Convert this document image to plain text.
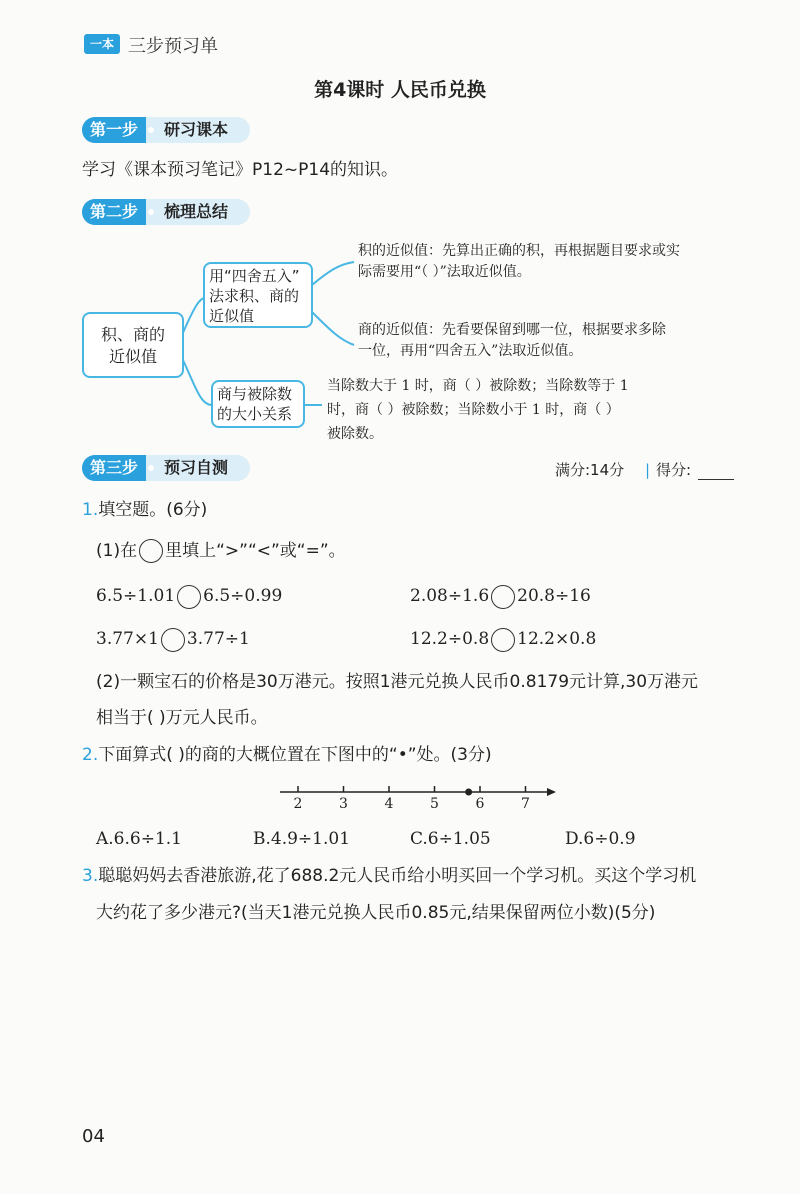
一本 三步预习单
第4课时 人民币兑换
第一步	研习课本
学习《课本预习笔记》P12~P14的知识。
第二步	梳理总结
积、商的
近似值
用“四舍五入”
法求积、商的
近似值
商与被除数
的大小关系
积的近似值：先算出正确的积，再根据题目要求或实
际需要用“（ ）”法取近似值。
商的近似值：先看要保留到哪一位，根据要求多除
一位，再用“四舍五入”法取近似值。
当除数大于 1 时，商（ ）被除数；当除数等于 1
时，商（ ）被除数；当除数小于 1 时，商（ ）
被除数。
第三步	预习自测	满分:14分 | 得分:
1.填空题。(6分)
(1)在 里填上“>”“<”或“=”。
6.5÷1.01 6.5÷0.99	2.08÷1.6 20.8÷16
3.77×1 3.77÷1	12.2÷0.8 12.2×0.8
(2)一颗宝石的价格是30万港元。按照1港元兑换人民币0.8179元计算,30万港元
相当于( )万元人民币。
2.下面算式( )的商的大概位置在下图中的“•”处。(3分)
2	3	4	5	6	7
A.6.6÷1.1	B.4.9÷1.01	C.6÷1.05	D.6÷0.9
3.聪聪妈妈去香港旅游,花了688.2元人民币给小明买回一个学习机。买这个学习机
大约花了多少港元?(当天1港元兑换人民币0.85元,结果保留两位小数)(5分)
04
